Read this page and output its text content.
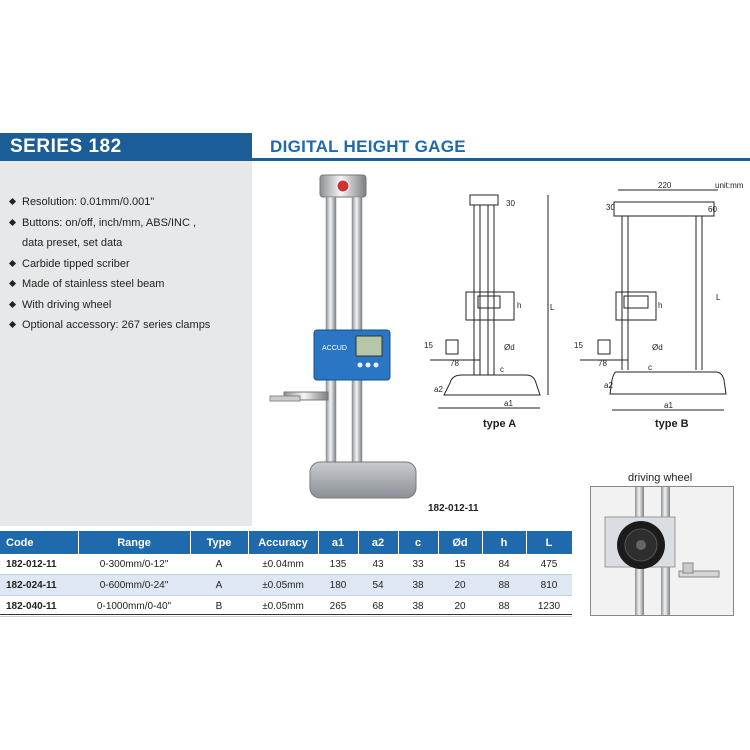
SERIES 182	DIGITAL HEIGHT GAGE
Resolution: 0.01mm/0.001"
Buttons: on/off, inch/mm, ABS/INC ,
data preset, set data
Carbide tipped scriber
Made of stainless steel beam
With driving wheel
Optional accessory: 267 series clamps
ACCUD
182-012-11
30
L
h
Ød
15
78
c
a2
a1
type A
220
30	60
L
h
Ød
15
78	c
a2
a1
unit:mm
type B
driving wheel
Code	Range	Type	Accuracy	a1	a2	c	Ød	h	L
182-012-11	0-300mm/0-12"	A	±0.04mm	135	43	33	15	84	475
182-024-11	0-600mm/0-24"	A	±0.05mm	180	54	38	20	88	810
182-040-11	0-1000mm/0-40"	B	±0.05mm	265	68	38	20	88	1230
